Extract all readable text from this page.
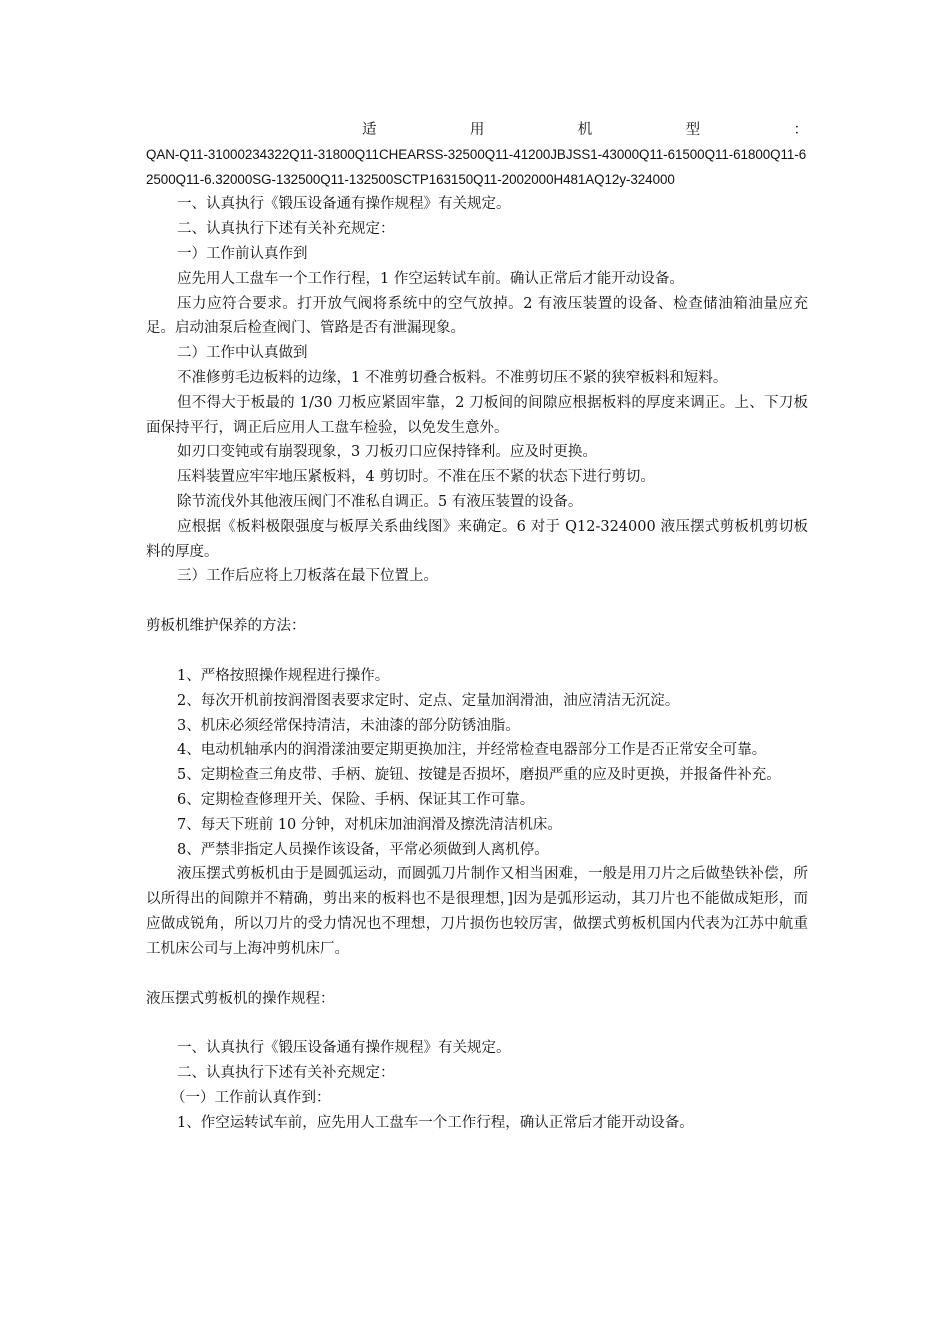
适	用	机	型	：

QAN-Q11-31000234322Q11-31800Q11CHEARSS-32500Q11-41200JBJSS1-43000Q11-61500Q11-61800Q11-62500Q11-6.32000SG-132500Q11-132500SCTP163150Q11-2002000H481AQ12y-324000

一、认真执行《锻压设备通有操作规程》有关规定。

二、认真执行下述有关补充规定：

一）工作前认真作到

应先用人工盘车一个工作行程，1 作空运转试车前。确认正常后才能开动设备。

压力应符合要求。打开放气阀将系统中的空气放掉。2 有液压装置的设备、检查储油箱油量应充足。启动油泵后检查阀门、管路是否有泄漏现象。

二）工作中认真做到

不准修剪毛边板料的边缘，1 不准剪切叠合板料。不准剪切压不紧的狭窄板料和短料。

但不得大于板最的 1/30 刀板应紧固牢靠，2 刀板间的间隙应根据板料的厚度来调正。上、下刀板面保持平行，调正后应用人工盘车检验，以免发生意外。

如刃口变钝或有崩裂现象，3 刀板刃口应保持锋利。应及时更换。

压料装置应牢牢地压紧板料，4 剪切时。不准在压不紧的状态下进行剪切。

除节流伐外其他液压阀门不准私自调正。5 有液压装置的设备。

应根据《板料极限强度与板厚关系曲线图》来确定。6 对于 Q12-324000 液压摆式剪板机剪切板料的厚度。

三）工作后应将上刀板落在最下位置上。

剪板机维护保养的方法：

1、严格按照操作规程进行操作。

2、每次开机前按润滑图表要求定时、定点、定量加润滑油，油应清洁无沉淀。

3、机床必须经常保持清洁，未油漆的部分防锈油脂。

4、电动机轴承内的润滑漾油要定期更换加注，并经常检查电器部分工作是否正常安全可靠。

5、定期检查三角皮带、手柄、旋钮、按键是否损坏，磨损严重的应及时更换，并报备件补充。

6、定期检查修理开关、保险、手柄、保证其工作可靠。

7、每天下班前 10 分钟，对机床加油润滑及擦洗清洁机床。

8、严禁非指定人员操作该设备，平常必须做到人离机停。

液压摆式剪板机由于是圆弧运动，而圆弧刀片制作又相当困难，一般是用刀片之后做垫铁补偿，所以所得出的间隙并不精确，剪出来的板料也不是很理想，]因为是弧形运动，其刀片也不能做成矩形，而应做成锐角，所以刀片的受力情况也不理想，刀片损伤也较厉害，做摆式剪板机国内代表为江苏中航重工机床公司与上海冲剪机床厂。

液压摆式剪板机的操作规程：

一、认真执行《锻压设备通有操作规程》有关规定。

二、认真执行下述有关补充规定：

（一）工作前认真作到：

1、作空运转试车前，应先用人工盘车一个工作行程，确认正常后才能开动设备。
